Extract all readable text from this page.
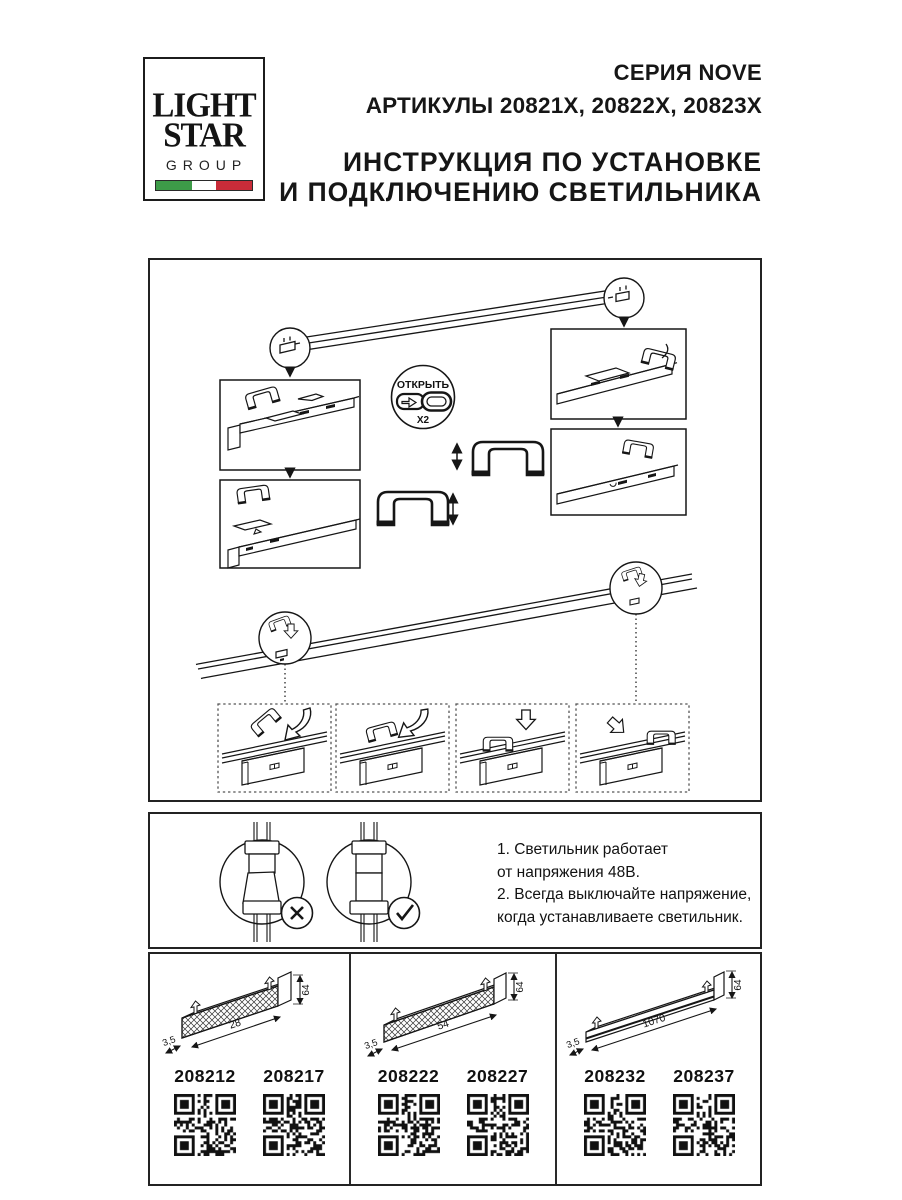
LIGHT
STAR
GROUP
СЕРИЯ NOVE
АРТИКУЛЫ 20821X, 20822X, 20823X
ИНСТРУКЦИЯ ПО УСТАНОВКЕ
И ПОДКЛЮЧЕНИЮ СВЕТИЛЬНИКА
ОТКРЫТЬ
X2
1. Светильник работает
от напряжения 48В.
2. Всегда выключайте напряжение,
когда устанавливаете светильник.
28
3,5
64
208212 208217
54
3,5
64
208222 208227
1070
3,5
64
208232 208237
